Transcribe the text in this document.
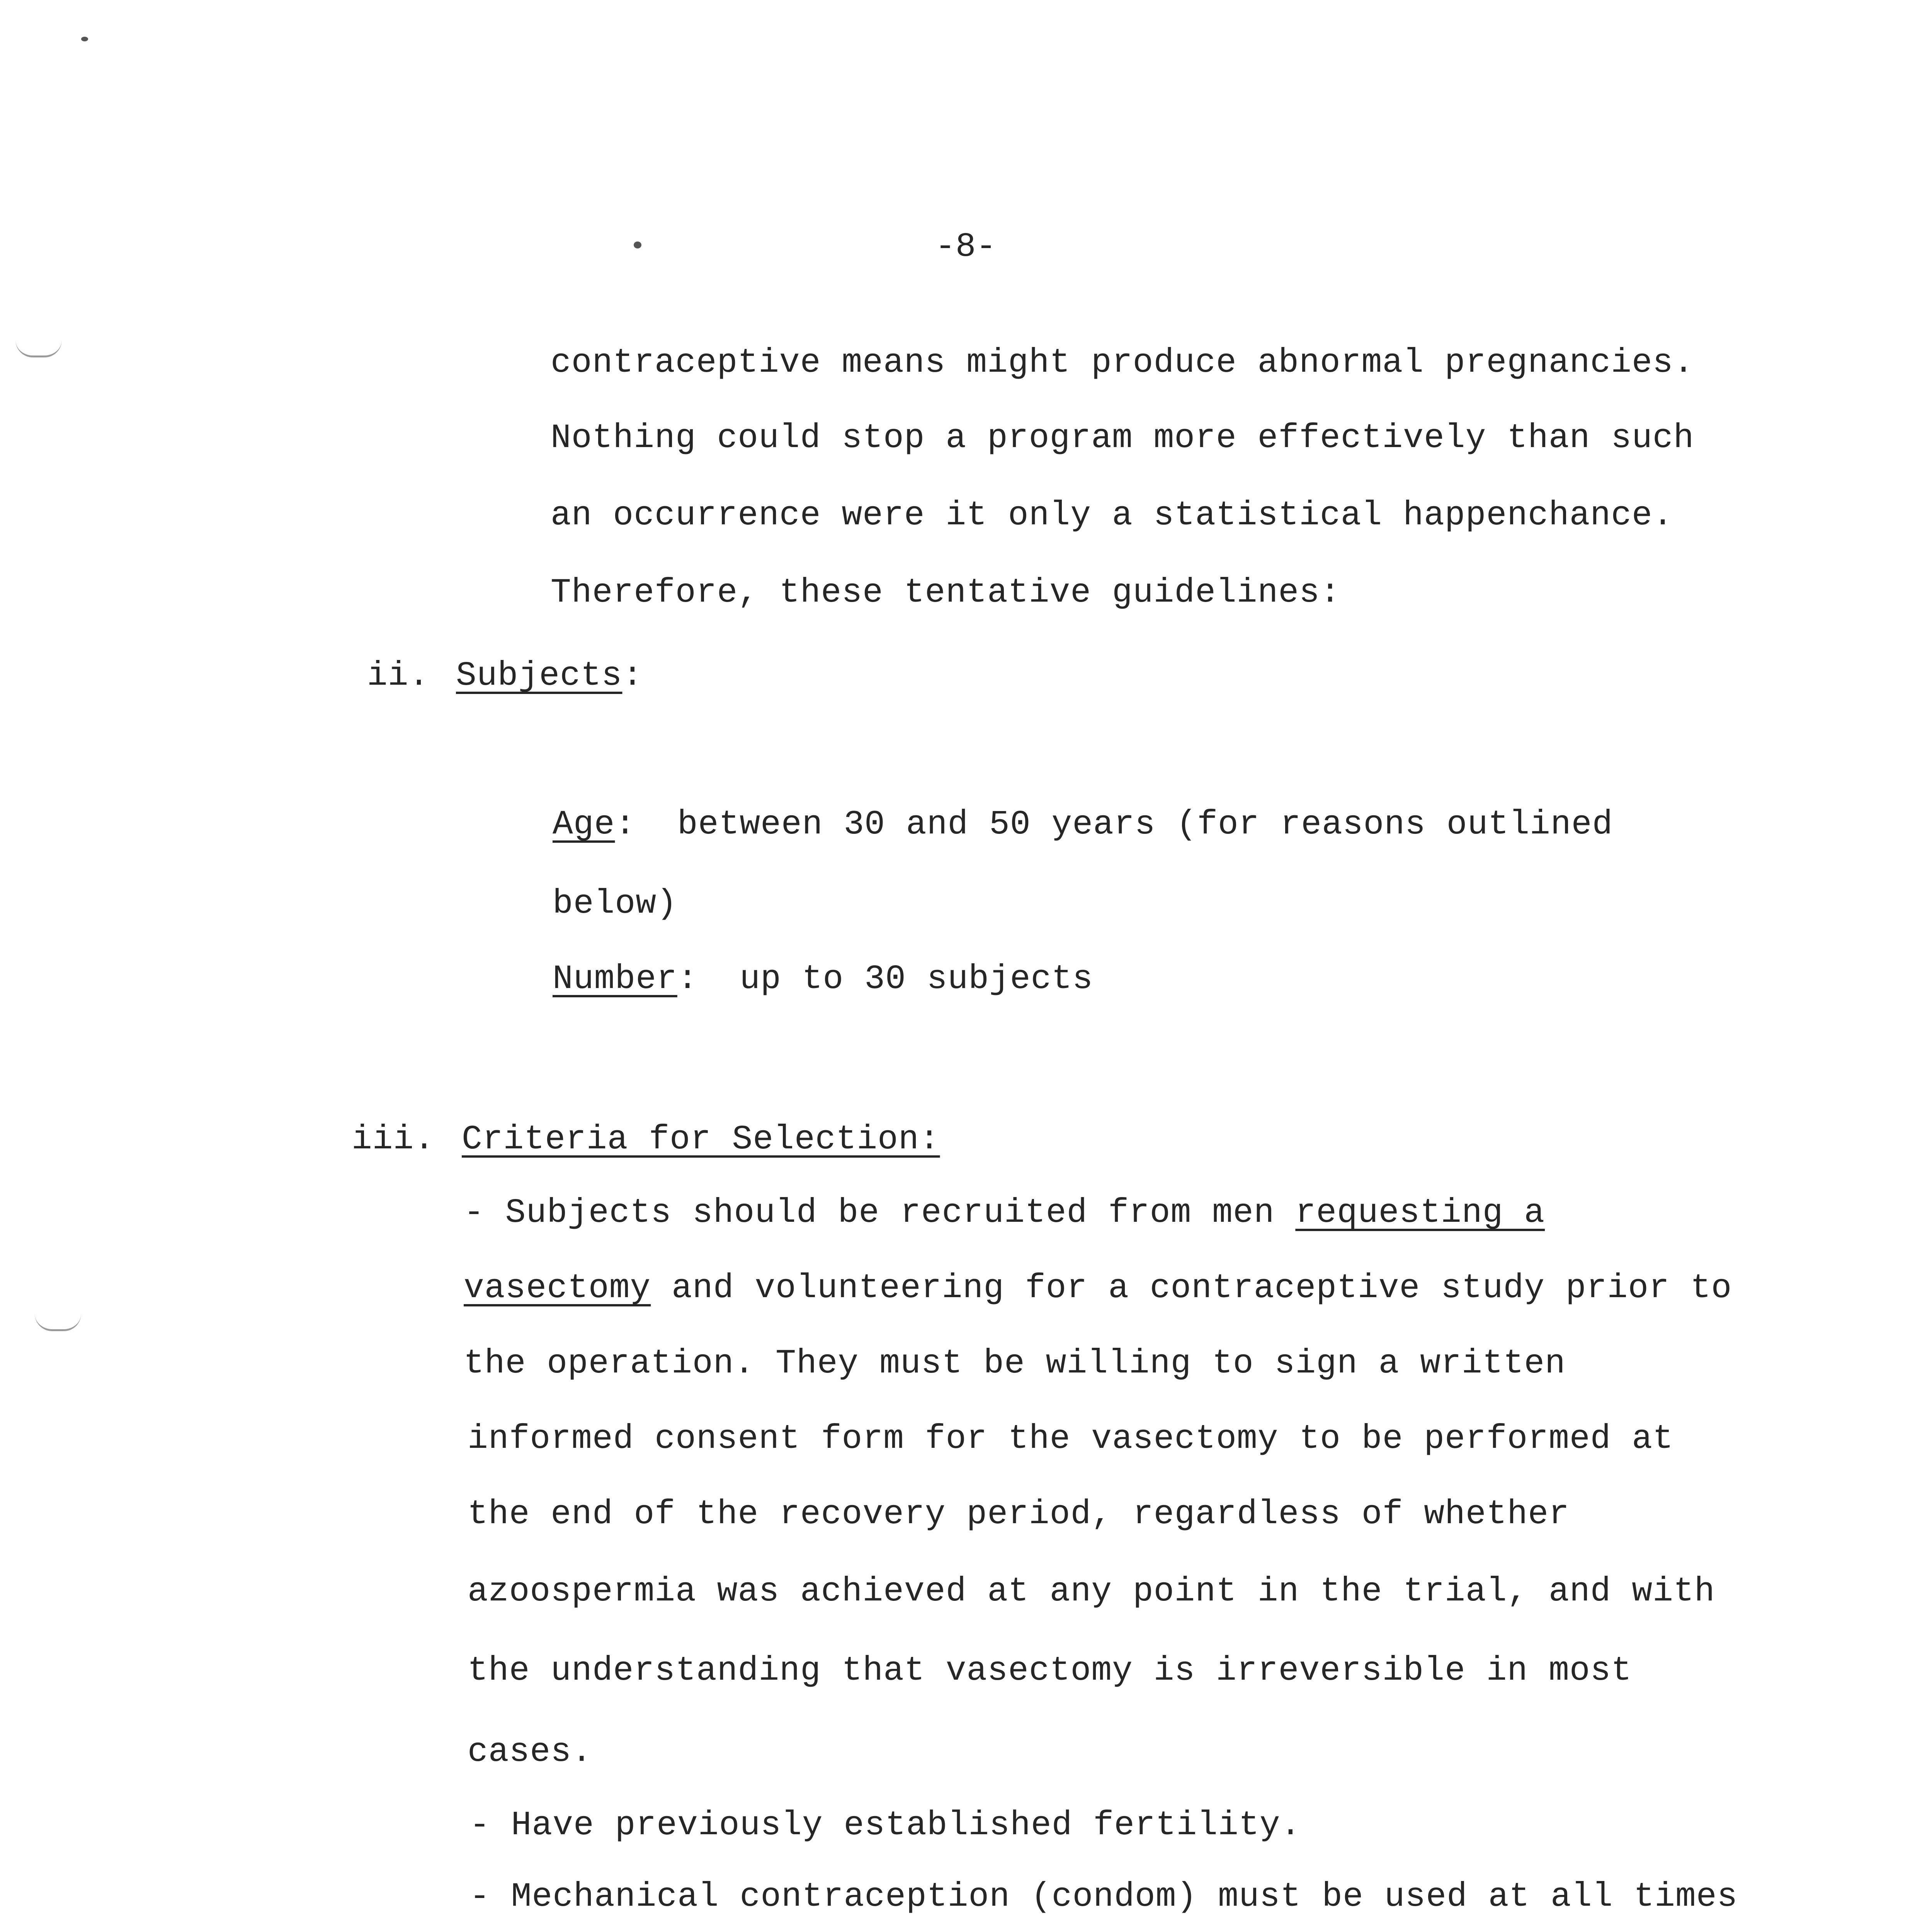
-8-
contraceptive means might produce abnormal pregnancies.
Nothing could stop a program more effectively than such
an occurrence were it only a statistical happenchance.
Therefore, these tentative guidelines:
ii. Subjects:
Age: between 30 and 50 years (for reasons outlined
below)
Number: up to 30 subjects
iii. Criteria for Selection:
- Subjects should be recruited from men requesting a
vasectomy and volunteering for a contraceptive study prior to
the operation. They must be willing to sign a written
informed consent form for the vasectomy to be performed at
the end of the recovery period, regardless of whether
azoospermia was achieved at any point in the trial, and with
the understanding that vasectomy is irreversible in most
cases.
- Have previously established fertility.
- Mechanical contraception (condom) must be used at all times
